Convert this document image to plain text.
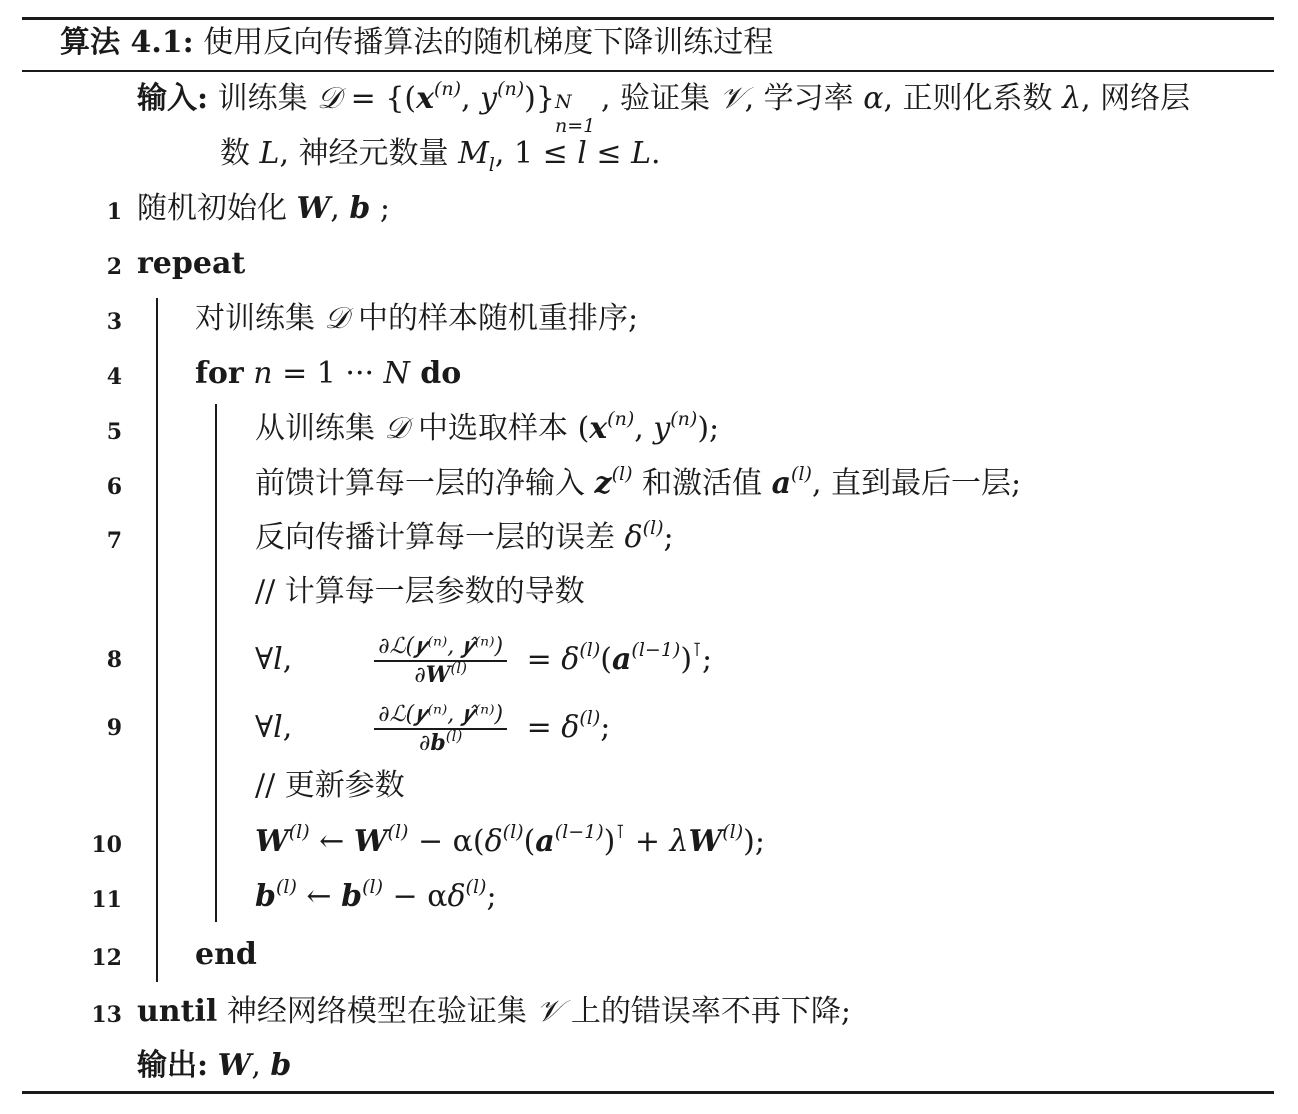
算法 4.1: 使用反向传播算法的随机梯度下降训练过程
输入: 训练集 𝒟 = {(𝒙$^{(n)}$, $y^{(n)}$)} N
n=1
, 验证集 𝒱, 学习率 α, 正则化系数 λ, 网络层
数 L, 神经元数量 $M_l$, 1 ≤ l ≤ L.
1 随机初始化 W, b ;
2 repeat
3 对训练集 𝒟 中的样本随机重排序;
4 for n = 1 ··· N do
5	从训练集 𝒟 中选取样本 (𝒙$^{(n)}$, $y^{(n)}$);
6	前馈计算每一层的净输入 𝒛$^{(l)}$ 和激活值 𝒂$^{(l)}$, 直到最后一层;
7	反向传播计算每一层的误差 $\delta^{(l)}$;
// 计算每一层参数的导数
8	∀l,	$\frac{\text{∂ℒ(𝒚⁽ⁿ⁾, 𝒚̂⁽ⁿ⁾)}}{\partial 𝑾^{(l)}}$ = $\delta^{(l)}(𝒂^{(l-1)})^⊺$;
9	∀l,	$\frac{\text{∂ℒ(𝒚⁽ⁿ⁾, 𝒚̂⁽ⁿ⁾)}}{\partial 𝒃^{(l)}} = \delta^{(l)}$;
// 更新参数
10	$W^{(l)}$ ← $W^{(l)}$ − $\alpha(\delta^{(l)}(𝒂^{(l-1)})^⊺ + \lambda W^{(l)})$;
11	$b^{(l)}$ ← $b^{(l)} - \alpha\delta^{(l)}$;
12 end
13 until 神经网络模型在验证集 𝒱 上的错误率不再下降;
输出: W, b
